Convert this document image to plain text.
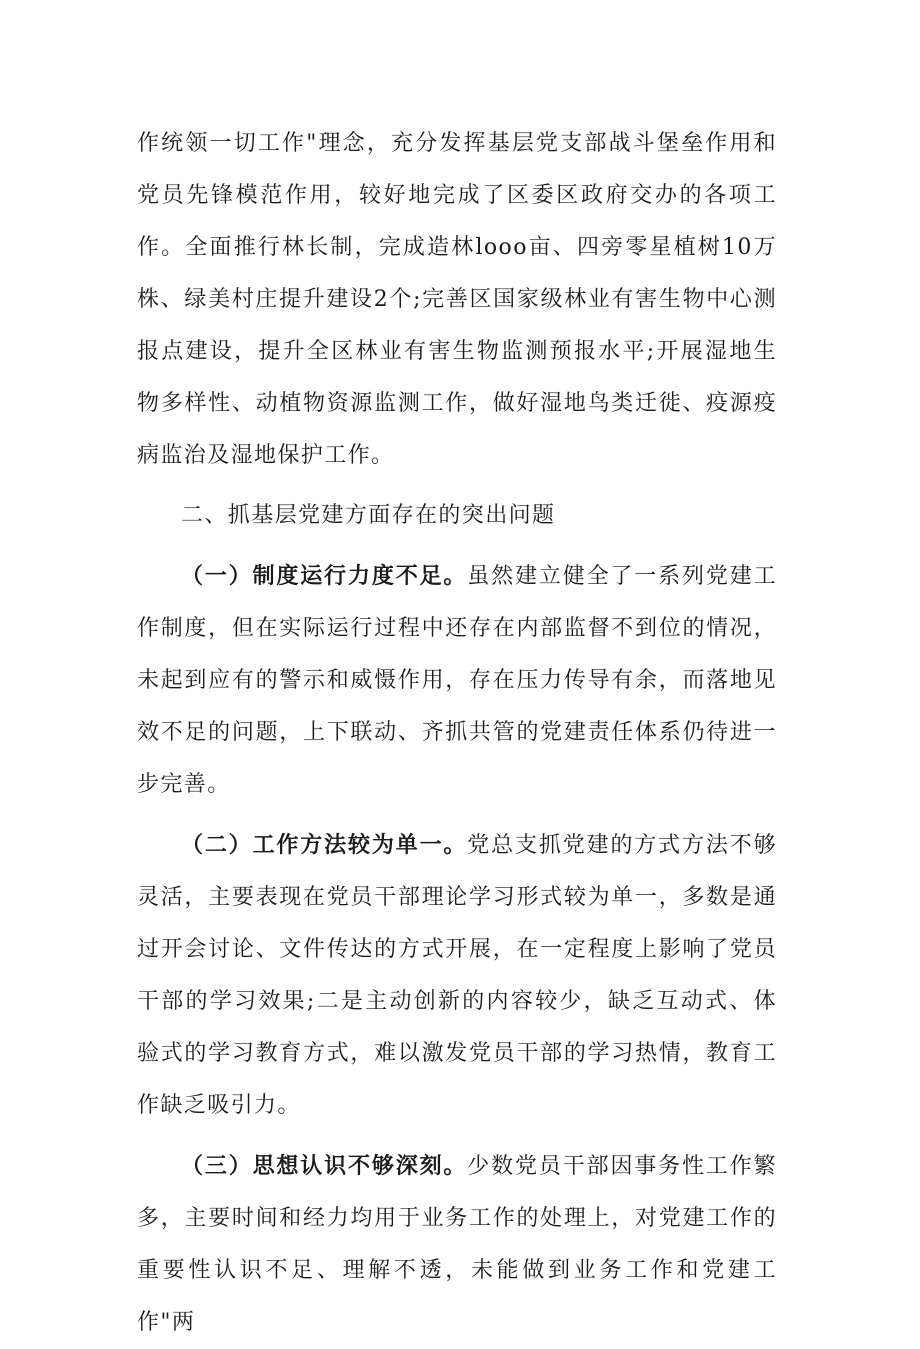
作统领一切工作"理念，充分发挥基层党支部战斗堡垒作用和党员先锋模范作用，较好地完成了区委区政府交办的各项工作。全面推行林长制，完成造林looo亩、四旁零星植树10万株、绿美村庄提升建设2个;完善区国家级林业有害生物中心测报点建设，提升全区林业有害生物监测预报水平;开展湿地生物多样性、动植物资源监测工作，做好湿地鸟类迁徙、疫源疫病监治及湿地保护工作。

二、抓基层党建方面存在的突出问题

（一）制度运行力度不足。虽然建立健全了一系列党建工作制度，但在实际运行过程中还存在内部监督不到位的情况，未起到应有的警示和威慑作用，存在压力传导有余，而落地见效不足的问题，上下联动、齐抓共管的党建责任体系仍待进一步完善。

（二）工作方法较为单一。党总支抓党建的方式方法不够灵活，主要表现在党员干部理论学习形式较为单一，多数是通过开会讨论、文件传达的方式开展，在一定程度上影响了党员干部的学习效果;二是主动创新的内容较少，缺乏互动式、体验式的学习教育方式，难以激发党员干部的学习热情，教育工作缺乏吸引力。

（三）思想认识不够深刻。少数党员干部因事务性工作繁多，主要时间和经力均用于业务工作的处理上，对党建工作的重要性认识不足、理解不透，未能做到业务工作和党建工作"两
